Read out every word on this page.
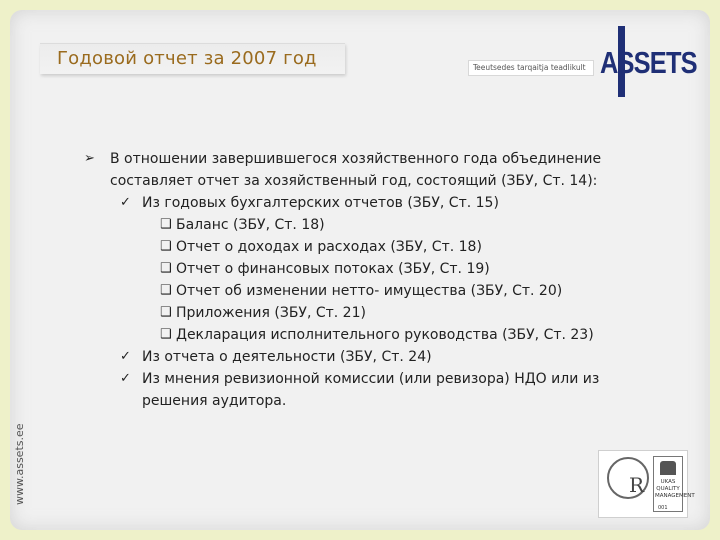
Годовой отчет за 2007 год	Teeutsedes tarqaitja teadlikult ASSETS
www.assets.ee
➢ В отношении завершившегося хозяйственного года объединение составляет отчет за хозяйственный год, состоящий (ЗБУ, Ст. 14):
✓ Из годовых бухгалтерских отчетов (ЗБУ, Ст. 15)
❑ Баланс (ЗБУ, Ст. 18)
❑ Отчет о доходах и расходах (ЗБУ, Ст. 18)
❑ Отчет о финансовых потоках (ЗБУ, Ст. 19)
❑ Отчет об изменении нетто- имущества (ЗБУ, Ст. 20)
❑ Приложения (ЗБУ, Ст. 21)
❑ Декларация исполнительного руководства (ЗБУ, Ст. 23)
✓ Из отчета о деятельности (ЗБУ, Ст. 24)
✓ Из мнения ревизионной комиссии (или ревизора) НДО или из решения аудитора.
R	UKAS QUALITY MANAGEMENT
001
